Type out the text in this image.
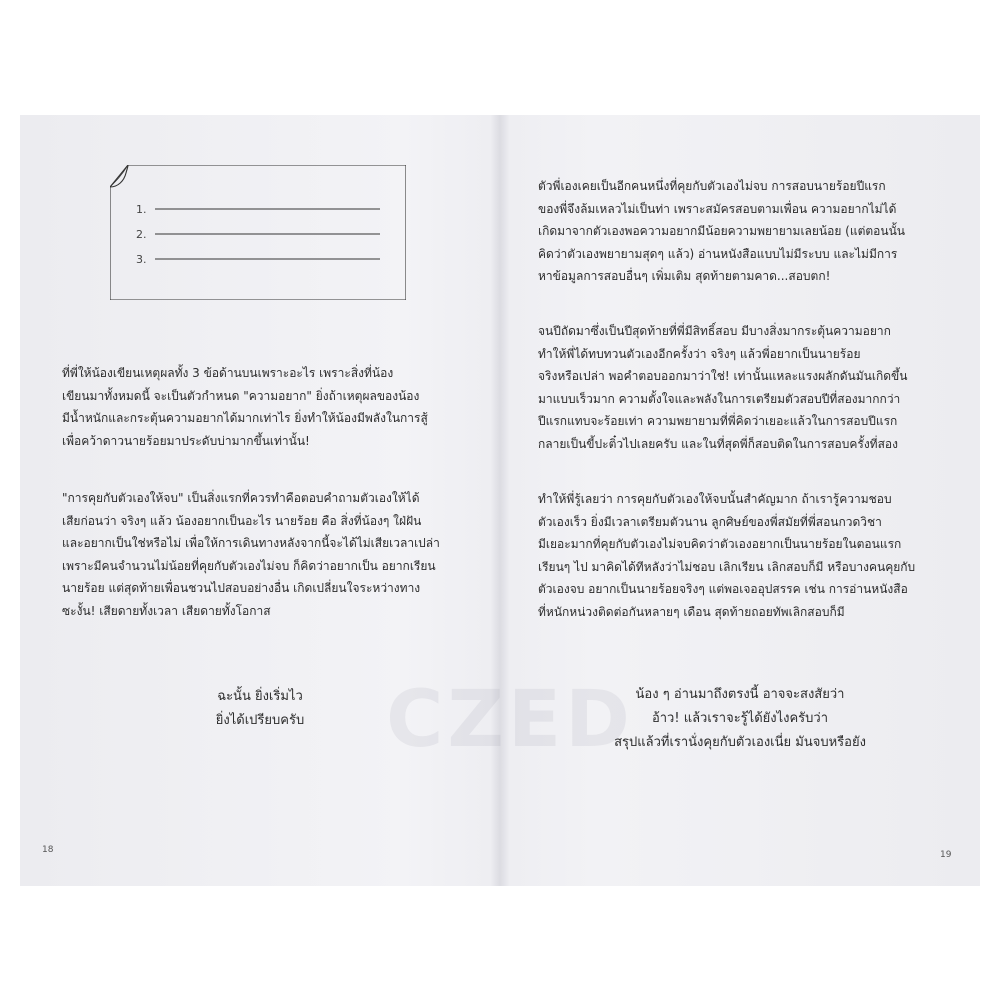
CZED
1.
2.
3.
ที่พี่ให้น้องเขียนเหตุผลทั้ง 3 ข้อด้านบนเพราะอะไร เพราะสิ่งที่น้อง
เขียนมาทั้งหมดนี้ จะเป็นตัวกำหนด "ความอยาก" ยิ่งถ้าเหตุผลของน้อง
มีน้ำหนักและกระตุ้นความอยากได้มากเท่าไร ยิ่งทำให้น้องมีพลังในการสู้
เพื่อคว้าดาวนายร้อยมาประดับบ่ามากขึ้นเท่านั้น!
"การคุยกับตัวเองให้จบ" เป็นสิ่งแรกที่ควรทำคือตอบคำถามตัวเองให้ได้
เสียก่อนว่า จริงๆ แล้ว น้องอยากเป็นอะไร นายร้อย คือ สิ่งที่น้องๆ ใฝ่ฝัน
และอยากเป็นใช่หรือไม่ เพื่อให้การเดินทางหลังจากนี้จะได้ไม่เสียเวลาเปล่า
เพราะมีคนจำนวนไม่น้อยที่คุยกับตัวเองไม่จบ ก็คิดว่าอยากเป็น อยากเรียน
นายร้อย แต่สุดท้ายเพื่อนชวนไปสอบอย่างอื่น เกิดเปลี่ยนใจระหว่างทาง
ซะงั้น! เสียดายทั้งเวลา เสียดายทั้งโอกาส
ฉะนั้น ยิ่งเริ่มไว
ยิ่งได้เปรียบครับ
18
ตัวพี่เองเคยเป็นอีกคนหนึ่งที่คุยกับตัวเองไม่จบ การสอบนายร้อยปีแรก
ของพี่จึงล้มเหลวไม่เป็นท่า เพราะสมัครสอบตามเพื่อน ความอยากไม่ได้
เกิดมาจากตัวเองพอความอยากมีน้อยความพยายามเลยน้อย (แต่ตอนนั้น
คิดว่าตัวเองพยายามสุดๆ แล้ว) อ่านหนังสือแบบไม่มีระบบ และไม่มีการ
หาข้อมูลการสอบอื่นๆ เพิ่มเติม สุดท้ายตามคาด...สอบตก!
จนปีถัดมาซึ่งเป็นปีสุดท้ายที่พี่มีสิทธิ์สอบ มีบางสิ่งมากระตุ้นความอยาก
ทำให้พี่ได้ทบทวนตัวเองอีกครั้งว่า จริงๆ แล้วพี่อยากเป็นนายร้อย
จริงหรือเปล่า พอคำตอบออกมาว่าใช่! เท่านั้นแหละแรงผลักดันมันเกิดขึ้น
มาแบบเร็วมาก ความตั้งใจและพลังในการเตรียมตัวสอบปีที่สองมากกว่า
ปีแรกแทบจะร้อยเท่า ความพยายามที่พี่คิดว่าเยอะแล้วในการสอบปีแรก
กลายเป็นขี้ปะติ๋วไปเลยครับ และในที่สุดพี่ก็สอบติดในการสอบครั้งที่สอง
ทำให้พี่รู้เลยว่า การคุยกับตัวเองให้จบนั้นสำคัญมาก ถ้าเรารู้ความชอบ
ตัวเองเร็ว ยิ่งมีเวลาเตรียมตัวนาน ลูกศิษย์ของพี่สมัยที่พี่สอนกวดวิชา
มีเยอะมากที่คุยกับตัวเองไม่จบคิดว่าตัวเองอยากเป็นนายร้อยในตอนแรก
เรียนๆ ไป มาคิดได้ทีหลังว่าไม่ชอบ เลิกเรียน เลิกสอบก็มี หรือบางคนคุยกับ
ตัวเองจบ อยากเป็นนายร้อยจริงๆ แต่พอเจออุปสรรค เช่น การอ่านหนังสือ
ที่หนักหน่วงติดต่อกันหลายๆ เดือน สุดท้ายถอยทัพเลิกสอบก็มี
น้อง ๆ อ่านมาถึงตรงนี้ อาจจะสงสัยว่า
อ้าว! แล้วเราจะรู้ได้ยังไงครับว่า
สรุปแล้วที่เรานั่งคุยกับตัวเองเนี่ย มันจบหรือยัง
19
